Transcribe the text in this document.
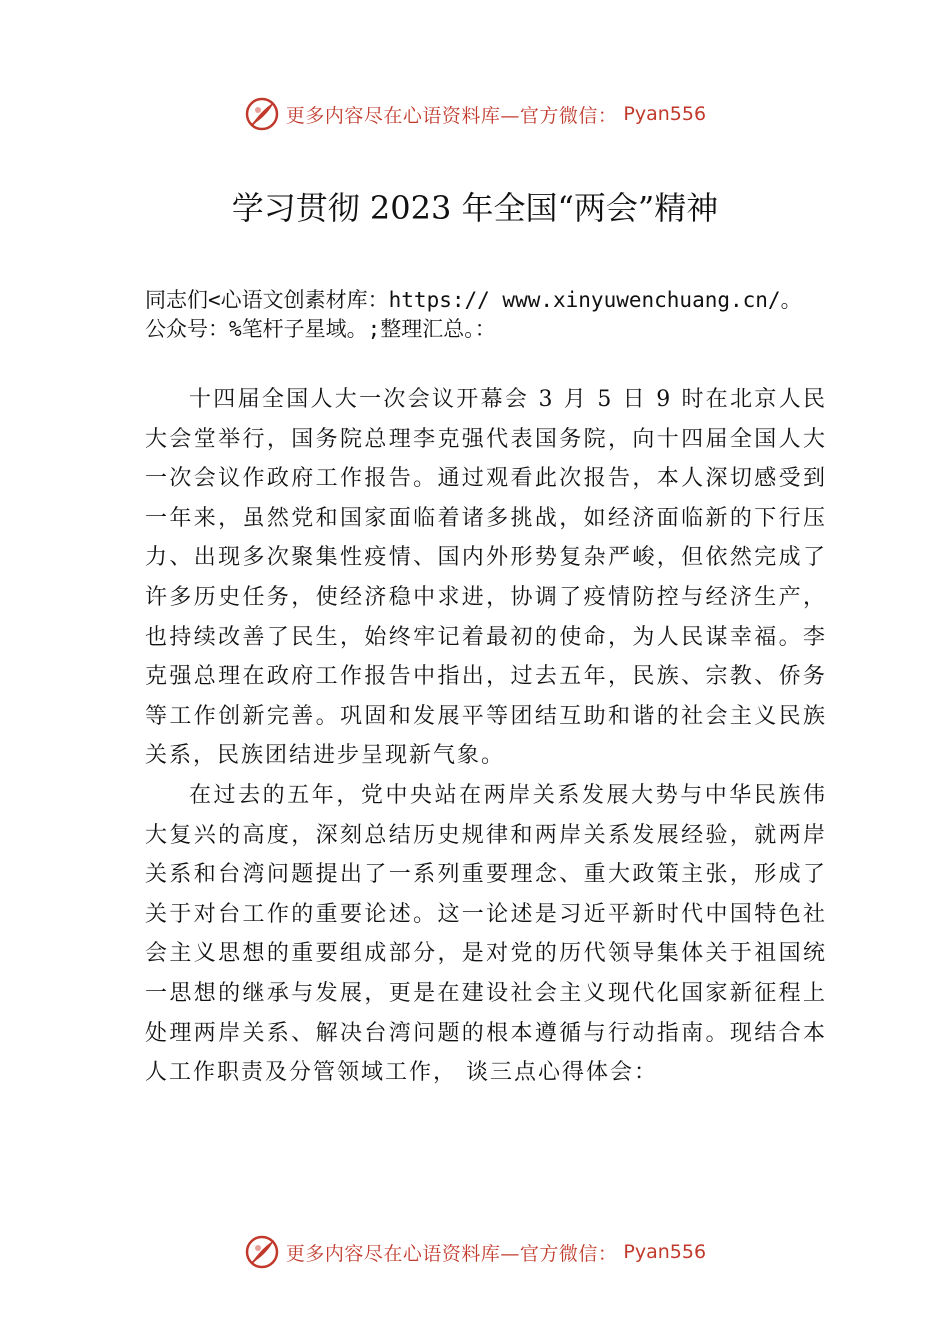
更多内容尽在心语资料库—官方微信： Pyan556
学习贯彻 2023 年全国“两会”精神
同志们<心语文创素材库：https:// www.xinyuwenchuang.cn/。公众号：%笔杆子星域。;整理汇总。：

十四届全国人大一次会议开幕会 3 月 5 日 9 时在北京人民大会堂举行，国务院总理李克强代表国务院，向十四届全国人大一次会议作政府工作报告。通过观看此次报告，本人深切感受到一年来，虽然党和国家面临着诸多挑战，如经济面临新的下行压力、出现多次聚集性疫情、国内外形势复杂严峻，但依然完成了许多历史任务，使经济稳中求进，协调了疫情防控与经济生产，也持续改善了民生，始终牢记着最初的使命，为人民谋幸福。李克强总理在政府工作报告中指出，过去五年，民族、宗教、侨务等工作创新完善。巩固和发展平等团结互助和谐的社会主义民族关系，民族团结进步呈现新气象。

在过去的五年，党中央站在两岸关系发展大势与中华民族伟大复兴的高度，深刻总结历史规律和两岸关系发展经验，就两岸关系和台湾问题提出了一系列重要理念、重大政策主张，形成了关于对台工作的重要论述。这一论述是习近平新时代中国特色社会主义思想的重要组成部分，是对党的历代领导集体关于祖国统一思想的继承与发展，更是在建设社会主义现代化国家新征程上处理两岸关系、解决台湾问题的根本遵循与行动指南。现结合本人工作职责及分管领域工作， 谈三点心得体会：

更多内容尽在心语资料库—官方微信： Pyan556
